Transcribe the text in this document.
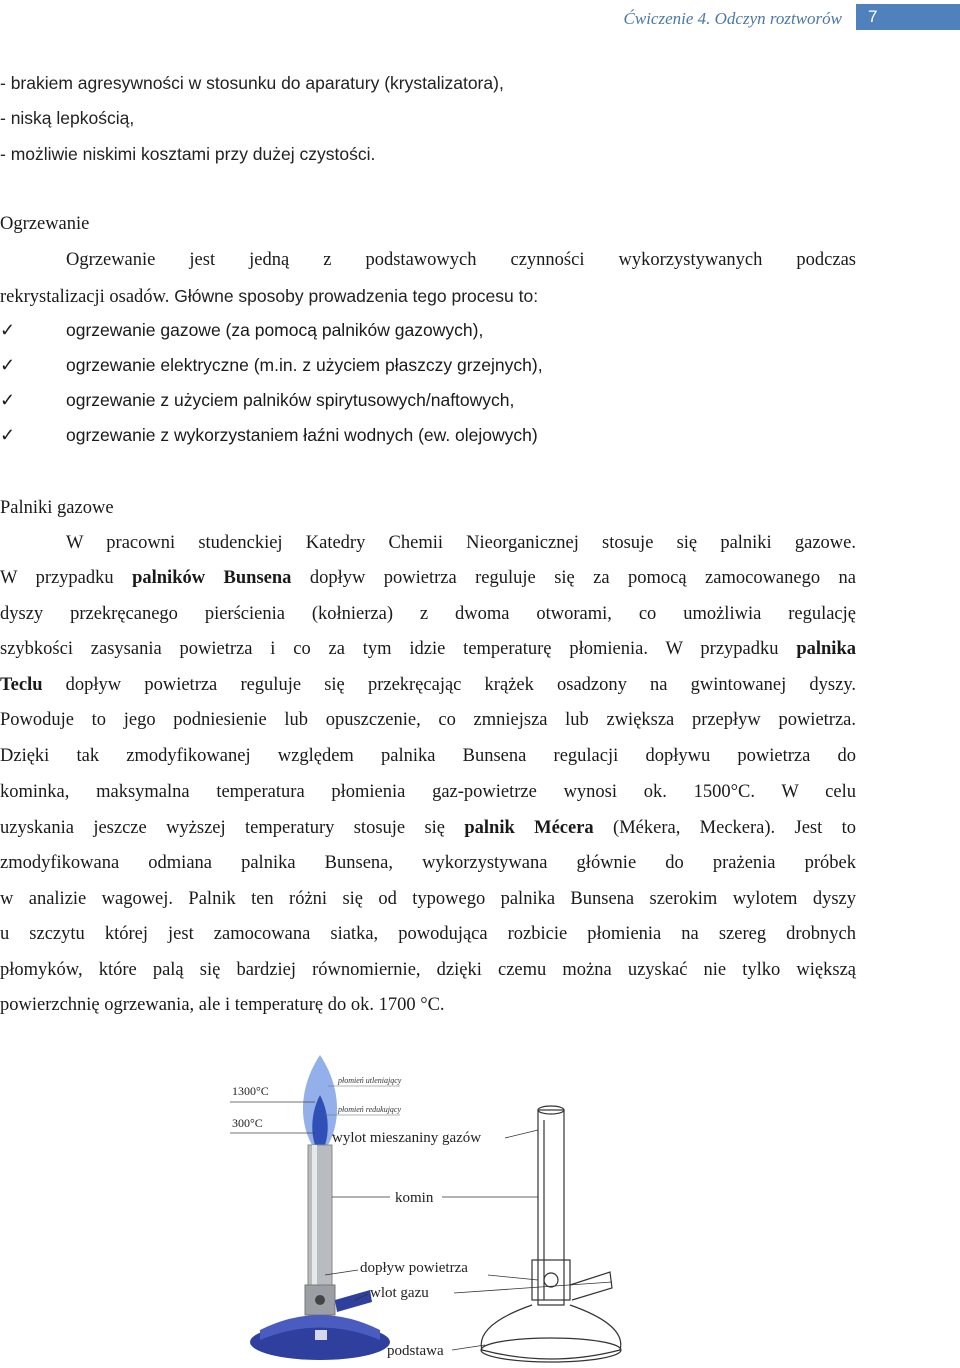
Ćwiczenie 4. Odczyn roztworów	7
- brakiem agresywności w stosunku do aparatury (krystalizatora),
- niską lepkością,
- możliwie niskimi kosztami przy dużej czystości.
Ogrzewanie
Ogrzewanie jest jedną z podstawowych czynności wykorzystywanych podczas
rekrystalizacji osadów. Główne sposoby prowadzenia tego procesu to:
✓	ogrzewanie gazowe (za pomocą palników gazowych),
✓	ogrzewanie elektryczne (m.in. z użyciem płaszczy grzejnych),
✓	ogrzewanie z użyciem palników spirytusowych/naftowych,
✓	ogrzewanie z wykorzystaniem łaźni wodnych (ew. olejowych)
Palniki gazowe
W pracowni studenckiej Katedry Chemii Nieorganicznej stosuje się palniki gazowe.
W przypadku palników Bunsena dopływ powietrza reguluje się za pomocą zamocowanego na
dyszy przekręcanego pierścienia (kołnierza) z dwoma otworami, co umożliwia regulację
szybkości zasysania powietrza i co za tym idzie temperaturę płomienia. W przypadku palnika
Teclu dopływ powietrza reguluje się przekręcając krążek osadzony na gwintowanej dyszy.
Powoduje to jego podniesienie lub opuszczenie, co zmniejsza lub zwiększa przepływ powietrza.
Dzięki tak zmodyfikowanej względem palnika Bunsena regulacji dopływu powietrza do
kominka, maksymalna temperatura płomienia gaz-powietrze wynosi ok. 1500°C. W celu
uzyskania jeszcze wyższej temperatury stosuje się palnik Mécera (Mékera, Meckera). Jest to
zmodyfikowana odmiana palnika Bunsena, wykorzystywana głównie do prażenia próbek
w analizie wagowej. Palnik ten różni się od typowego palnika Bunsena szerokim wylotem dyszy
u szczytu której jest zamocowana siatka, powodująca rozbicie płomienia na szereg drobnych
płomyków, które palą się bardziej równomiernie, dzięki czemu można uzyskać nie tylko większą
powierzchnię ogrzewania, ale i temperaturę do ok. 1700 °C.
1300°C
300°C
płomień utleniający
płomień redukujący
wylot mieszaniny gazów
komin
dopływ powietrza
wlot gazu
podstawa
